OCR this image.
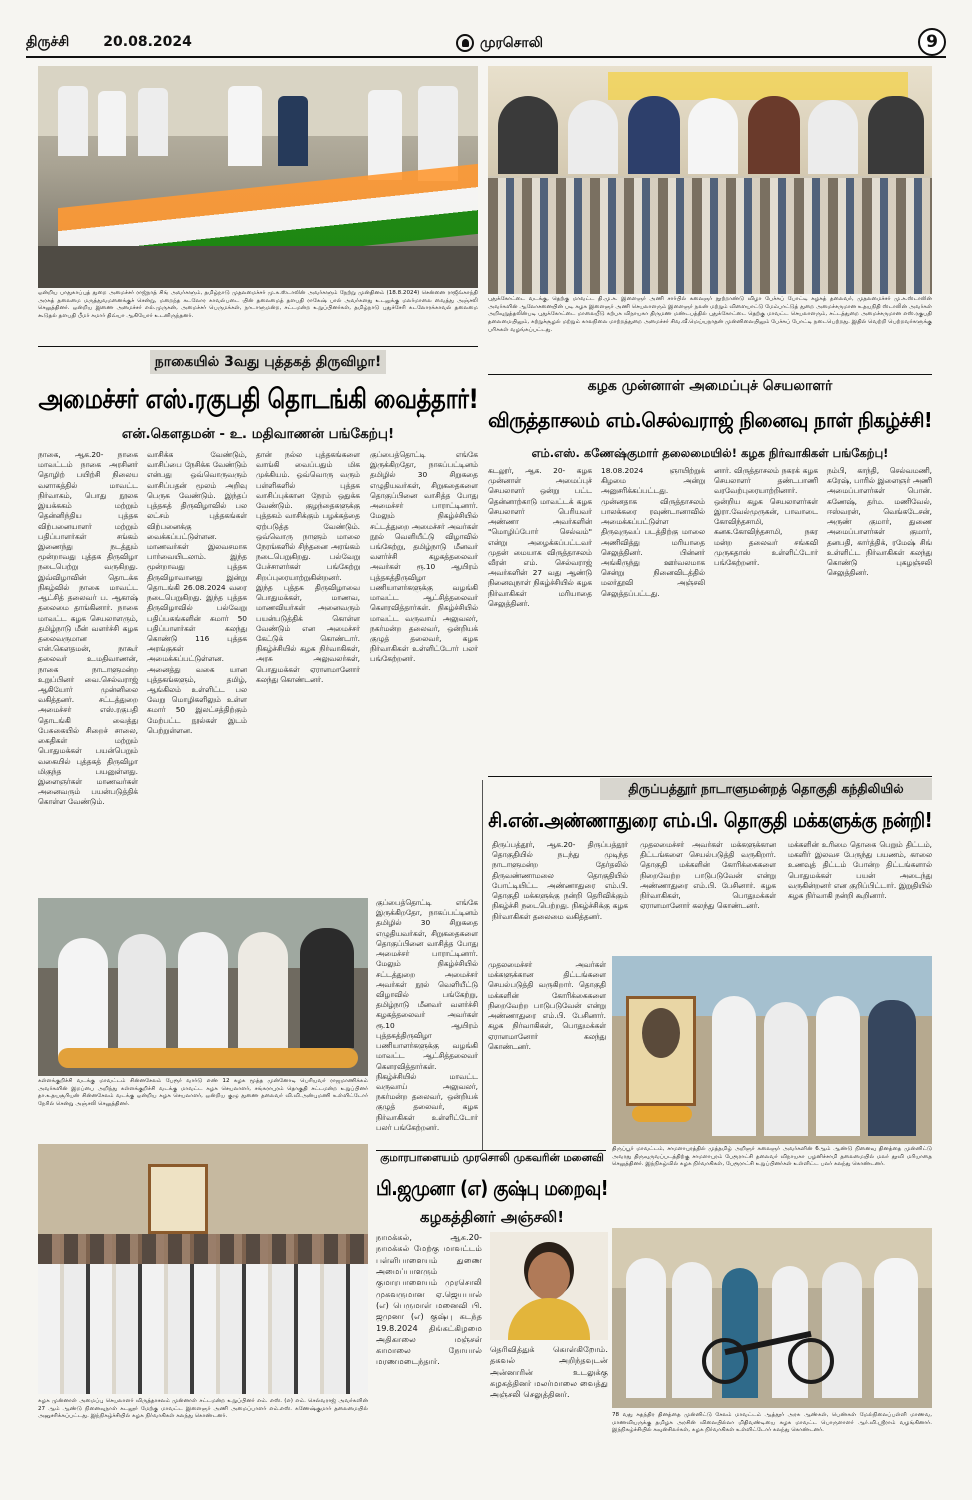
திருச்சி 20.08.2024	முரசொலி	9
ஒன்றிய பாதுகாப்புத் துறை அமைச்சர் ராஜ்நாத் சிங் அவர்களும், தமிழ்நாடு முதலமைச்சர் மு.க.ஸ்டாலின் அவர்களும் நேற்று முன்தினம் (18.8.2024) சென்னை ராஜீவ்காந்தி அரசுத் தலைமை மருத்துவமனைக்குச் சென்று, மறைந்த கடலோர காவல்படை யின் தலைமைத் தளபதி ராகேஷ் பால் அவர்களது உடலுக்கு மலர்மாலை வைத்து அஞ்சலி செலுத்தினர். ஒன்றிய இணை அமைச்சர் எல்.முருகன், அமைச்சர் பெருமக்கள், நாடாளுமன்ற, சட்டமன்ற உறுப்பினர்கள், தமிழ்நாடு புதுச்சேரி கடலோரக்காவல் தலைமை கூடுதல் தளபதி பீமர் சுமார் திவ்யா ஆகியோர் உடனிருந்தனர்.
நாகையில் 3வது புத்தகத் திருவிழா!
அமைச்சர் எஸ்.ரகுபதி தொடங்கி வைத்தார்!
என்.கௌதமன் - உ. மதிவாணன் பங்கேற்பு!
நாகை, ஆக.20- நாகை மாவட்டம் நாகை அரசினர் தொழிற் பயிற்சி நிலைய வளாகத்தில் மாவட்ட நிர்வாகம், பொது நூலக இயக்ககம் மற்றும் தென்னிந்திய புத்தக விற்பனையாளர் மற்றும் பதிப்பாளர்கள் சங்கம் இணைந்து நடத்தும் மூன்றாவது புத்தக திருவிழா நடைபெற்று வருகிறது. இவ்விழாவின் தொடக்க நிகழ்வில் நாகை மாவட்ட ஆட்சித் தலைவர் ப. ஆகாஷ் தலைமை தாங்கினார். நாகை மாவட்ட கழக செயலாளரும், தமிழ்நாடு மீன் வளர்ச்சி கழக தலைவருமான என்.கௌதமன், நாகூர் தலைவர் உ.மதிவாணன், நாகை நாடாளுமன்ற உறுப்பினர் வை.செல்வராஜ் ஆகியோர் முன்னிலை வகித்தனர். சட்டத்துறை அமைச்சர் எஸ்.ரகுபதி தொடங்கி வைத்து பேசுகையில் சிறைச் சாலை, கைதிகள் மற்றும் பொதுமக்கள் பயன்பெறும் வகையில் புத்தகத் திருவிழா மிகுந்த பயனுள்ளது. இளைஞர்கள் மாணவர்கள் அனைவரும் பயன்படுத்திக் கொள்ள வேண்டும்.
வாசிக்க வேண்டும், வாசிப்பை நேசிக்க வேண்டும் என்பது ஒவ்வொருவரும் வாசிப்பதன் மூலம் அறிவு பெருக வேண்டும். இந்தப் புத்தகத் திருவிழாவில் பல லட்சம் புத்தகங்கள் விற்பனைக்கு வைக்கப்பட்டுள்ளன. மாணவர்கள் இலவசமாக பார்வையிடலாம். இந்த மூன்றாவது புத்தக திருவிழாவானது இன்று தொடங்கி 26.08.2024 வரை நடைபெறுகிறது. இந்த புத்தக திருவிழாவில் பல்வேறு பதிப்பகங்களின் சுமார் 50 பதிப்பாளர்கள் கலந்து கொண்டு 116 புத்தக அரங்குகள் அமைக்கப்பட்டுள்ளன. அனைத்து வகை யான புத்தகங்களும், தமிழ், ஆங்கிலம் உள்ளிட்ட பல வேறு மொழிகளிலும் உள்ள சுமார் 50 இலட்சத்திற்கும் மேற்பட்ட நூல்கள் இடம் பெற்றுள்ளன.
தான் நல்ல புத்தகங்களை வாங்கி வைப்பதும் மிக முக்கியம். ஒவ்வொரு வரும் பள்ளிகளில் புத்தக வாசிப்புக்கான நேரம் ஒதுக்க வேண்டும். குழந்தைகளுக்கு புத்தகம் வாசிக்கும் பழக்கத்தை ஏற்படுத்த வேண்டும். ஒவ்வொரு நாளும் மாலை நேரங்களில் சிந்தனை அரங்கம் நடைபெறுகிறது. பல்வேறு பேச்சாளர்கள் பங்கேற்று சிறப்புரையாற்றுகின்றனர். இந்த புத்தக திருவிழாவை பொதுமக்கள், மாணவ, மாணவியர்கள் அனைவரும் பயன்படுத்திக் கொள்ள வேண்டும் என அமைச்சர் கேட்டுக் கொண்டார். நிகழ்ச்சியில் கழக நிர்வாகிகள், அரசு அலுவலர்கள், பொதுமக்கள் ஏராளமானோர் கலந்து கொண்டனர்.
குப்பைத்தொட்டி எங்கே இருக்கிறதோ, நாகப்பட்டினம் தமிழில் 30 சிறுகதை எழுதியவர்கள், சிறுகதைகளை தொகுப்பினை வாசித்த போது அமைச்சர் பாராட்டினார். மேலும் நிகழ்ச்சியில் சட்டத்துறை அமைச்சர் அவர்கள் நூல் வெளியீட்டு விழாவில் பங்கேற்று, தமிழ்நாடு மீனவர் வளர்ச்சி கழகத்தலைவர் அவர்கள் ரூ.10 ஆயிரம் புத்தகத்திருவிழா பணியாளர்களுக்கு வழங்கி மாவட்ட ஆட்சித்தலைவர் கௌரவித்தார்கள். நிகழ்ச்சியில் மாவட்ட வருவாய் அலுவலர், நகர்மன்ற தலைவர், ஒன்றியக் குழுத் தலைவர், கழக நிர்வாகிகள் உள்ளிட்டோர் பலர் பங்கேற்றனர்.
புதுக்கோட்டை வடக்கு, தெற்கு மாவட்ட தி.மு.க. இளைஞர் அணி சார்பில் கலைஞர் நூற்றாண்டு விழா பேச்சுப் போட்டி கழகத் தலைவர், முதலமைச்சர் மு.க.ஸ்டாலின் அவர்களின் ஆலோசனையின் படி கழக இளைஞர் அணி செயலாளரும் இளைஞர் நலன் மற்றும் விளையாட்டு மேம்பாட்டுத் துறை அமைச்சருமான உதயநிதி ஸ்டாலின் அவர்கள் அறிவுறுத்தலின்படி புதுக்கோட்டை மாலையீடு கற்பக விநாயகா திருமண மண்டபத்தில் புதுக்கோட்டை தெற்கு மாவட்ட செயலாளரும், சட்டத்துறை அமைச்சருமான எஸ்.ரகுபதி தலைமையிலும், சுற்றுச்சூழல் மற்றும் காலநிலை மாற்றத்துறை அமைச்சர் சிவ.வீ.மெய்யநாதன் முன்னிலையிலும் பேச்சுப் போட்டி நடைபெற்றது. இதில் வெற்றி பெற்றவர்களுக்கு பரிசுகள் வழங்கப்பட்டது.
கழக முன்னாள் அமைப்புச் செயலாளர்
விருத்தாசலம் எம்.செல்வராஜ் நினைவு நாள் நிகழ்ச்சி!
எம்.எஸ். கணேஷ்குமார் தலைமையில்! கழக நிர்வாகிகள் பங்கேற்பு!
கடலூர், ஆக. 20- கழக முன்னாள் அமைப்புச் செயலாளர் ஒன்று பட்ட தென்னாற்காடு மாவட்டக் கழக செயலாளர் பெரியவர் அண்ணா அவர்களின் "மொழிப்போர் செல்வம்" என்று அழைக்கப்பட்டவர் முதன் மையாக விருத்தாசலம் வீரன் எம். செல்வராஜ் அவர்களின் 27 வது ஆண்டு நினைவுநாள் நிகழ்ச்சியில் கழக நிர்வாகிகள் மரியாதை செலுத்தினர்.
18.08.2024 ஞாயிற்றுக் கிழமை அன்று அனுசரிக்கப்பட்டது. முன்னதாக விருத்தாசலம் பாலக்கரை ரவுண்டானாவில் அமைக்கப்பட்டுள்ள திருவுருவப் படத்திற்கு மாலை அணிவித்து மரியாதை செலுத்தினர். பின்னர் அங்கிருந்து ஊர்வலமாக சென்று நினைவிடத்தில் மலர்தூவி அஞ்சலி செலுத்தப்பட்டது.
னார். விருத்தாசலம் நகரக் கழக செயலாளர் தண்டபாணி வரவேற்புரையாற்றினார். ஒன்றிய கழக செயலாளர்கள் இரா.வேல்முருகன், பாவாடை கோவிந்தசாமி, கனக.கோவிந்தசாமி, நகர மன்ற தலைவர் சங்கவி முருகதாஸ் உள்ளிட்டோர் பங்கேற்றனர்.
நம்பி, காந்தி, செல்வமணி, சுரேஷ், பாரில் இளைஞர் அணி அமைப்பாளர்கள் பொன். கணேஷ், தர்ம. மணிவேல், ஈஸ்வரன், வெங்கடேசன், அருண் குமார், துணை அமைப்பாளர்கள் குமார், தனபதி, கார்த்திக், ரமேஷ் சிங் உள்ளிட்ட நிர்வாகிகள் கலந்து கொண்டு புகழஞ்சலி செலுத்தினர்.
திருப்பத்தூர் நாடாளுமன்றத் தொகுதி கந்திலியில்
சி.என்.அண்ணாதுரை எம்.பி. தொகுதி மக்களுக்கு நன்றி!
திருப்பத்தூர், ஆக.20- திருப்பத்தூர் தொகுதியில் நடந்து முடிந்த நாடாளுமன்ற தேர்தலில் திருவண்ணாமலை தொகுதியில் போட்டியிட்ட அண்ணாதுரை எம்.பி. தொகுதி மக்களுக்கு நன்றி தெரிவிக்கும் நிகழ்ச்சி நடைபெற்றது. நிகழ்ச்சிக்கு கழக நிர்வாகிகள் தலைமை வகித்தனர்.
முதலமைச்சர் அவர்கள் மக்களுக்கான திட்டங்களை செயல்படுத்தி வருகிறார். தொகுதி மக்களின் கோரிக்கைகளை நிறைவேற்ற பாடுபடுவேன் என்று அண்ணாதுரை எம்.பி. பேசினார். கழக நிர்வாகிகள், பொதுமக்கள் ஏராளமானோர் கலந்து கொண்டனர்.
மக்களின் உரிமை தொகை பெறும் திட்டம், மகளிர் இலவச பேருந்து பயணம், காலை உணவுத் திட்டம் போன்ற திட்டங்களால் பொதுமக்கள் பயன் அடைந்து வருகின்றனர் என குறிப்பிட்டார். இறுதியில் கழக நிர்வாகி நன்றி கூறினார்.
கள்ளக்குறிச்சி வடக்கு மாவட்டம் சின்னசேலம் பேரூர் வார்டு எண் 12 கழக மூத்த முன்னோடி பெரியவர் ராஜமாணிக்கம் அவர்களின் இறப்பை அறிந்து கள்ளக்குறிச்சி வடக்கு மாவட்ட கழக செயலாளர், சங்கராபுரம் தொகுதி சட்டமன்ற உறுப்பினர் தா.உதயசூரியன் சின்னசேலம் வடக்கு ஒன்றிய கழக செயலாளர், ஒன்றிய குழு துணை தலைவர் வி.வி.அன்புமணி உள்ளிட்டோர் நேரில் சென்று அஞ்சலி செலுத்தினர்.
குப்பைத்தொட்டி எங்கே இருக்கிறதோ, நாகப்பட்டினம் தமிழில் 30 சிறுகதை எழுதியவர்கள், சிறுகதைகளை தொகுப்பினை வாசித்த போது அமைச்சர் பாராட்டினார். மேலும் நிகழ்ச்சியில் சட்டத்துறை அமைச்சர் அவர்கள் நூல் வெளியீட்டு விழாவில் பங்கேற்று, தமிழ்நாடு மீனவர் வளர்ச்சி கழகத்தலைவர் அவர்கள் ரூ.10 ஆயிரம் புத்தகத்திருவிழா பணியாளர்களுக்கு வழங்கி மாவட்ட ஆட்சித்தலைவர் கௌரவித்தார்கள். நிகழ்ச்சியில் மாவட்ட வருவாய் அலுவலர், நகர்மன்ற தலைவர், ஒன்றியக் குழுத் தலைவர், கழக நிர்வாகிகள் உள்ளிட்டோர் பலர் பங்கேற்றனர்.
முதலமைச்சர் அவர்கள் மக்களுக்கான திட்டங்களை செயல்படுத்தி வருகிறார். தொகுதி மக்களின் கோரிக்கைகளை நிறைவேற்ற பாடுபடுவேன் என்று அண்ணாதுரை எம்.பி. பேசினார். கழக நிர்வாகிகள், பொதுமக்கள் ஏராளமானோர் கலந்து கொண்டனர்.
திருப்பூர் மாவட்டம், சாமளாபுரத்தில் முத்தமிழ் அறிஞர் கலைஞர் அவர்களின் 6ஆம் ஆண்டு நினைவு தினத்தை முன்னிட்டு அவரது திருவுருவப்படத்திற்கு சாமளாபுரம் பேரூராட்சி தலைவர் விநாயகா பழனிச்சாமி தலைமையில் மலர் தூவி மரியாதை செலுத்தினர். இந்நிகழ்வில் கழக நிர்வாகிகள், பேரூராட்சி உறுப்பினர்கள் உள்ளிட்ட பலர் கலந்து கொண்டனர்.
குமாரபாளையம் முரசொலி முகவரின் மனைவி
பி.ஜமுனா (எ) குஷ்பு மறைவு!
கழகத்தினர் அஞ்சலி!
நாமக்கல், ஆக.20- நாமக்கல் மேற்கு மாவட்டம் பள்ளிபாளையம் துணை அமைப்பாளரும் குமாரபாளையம் முரசொலி முகவருமான ஏ.ஜெயபால் (எ) பெருமாள் மனைவி பி. ஜமுனா (எ) குஷ்பு கடந்த 19.8.2024 திங்கட்கிழமை அதிகாலை மஞ்சள் காமாலை நோயால் மரணமடைந்தார்.
தெரிவித்துக் கொள்கிறோம். தகவல் அறிந்தவுடன் அன்னாரின் உடலுக்கு கழகத்தினர் மலர்மாலை வைத்து அஞ்சலி செலுத்தினர்.
கழக முன்னாள் அமைப்பு செயலாளர் விருத்தாசலம் முன்னாள் சட்டமன்ற உறுப்பினர் எம். எஸ். (எ) எம். செல்வராஜ் அவர்களின் 27 ஆம் ஆண்டு நினைவுநாள் கடலூர் மேற்கு மாவட்ட இளைஞர் அணி அமைப்பாளர் எம்.எஸ். கணேஷ்குமார் தலைமையில் அனுசரிக்கப்பட்டது. இந்நிகழ்ச்சியில் கழக நிர்வாகிகள் கலந்து கொண்டனர்.	78 வது சுதந்திர தினத்தை முன்னிட்டு சேலம் மாவட்டம் ஆத்தூர் அரசு ஆண்கள், பெண்கள் மேல்நிலைப்பள்ளி மாணவ, மாணவியருக்கு தமிழக அரசின் விலையில்லா மிதிவண்டியை கழக மாவட்ட பொருளாளர் ஆர்.வி.ஸ்ரீராம் வழங்கினார். இந்நிகழ்ச்சியில் கவுன்சிலர்கள், கழக நிர்வாகிகள் உள்ளிட்டோர் கலந்து கொண்டனர்.
